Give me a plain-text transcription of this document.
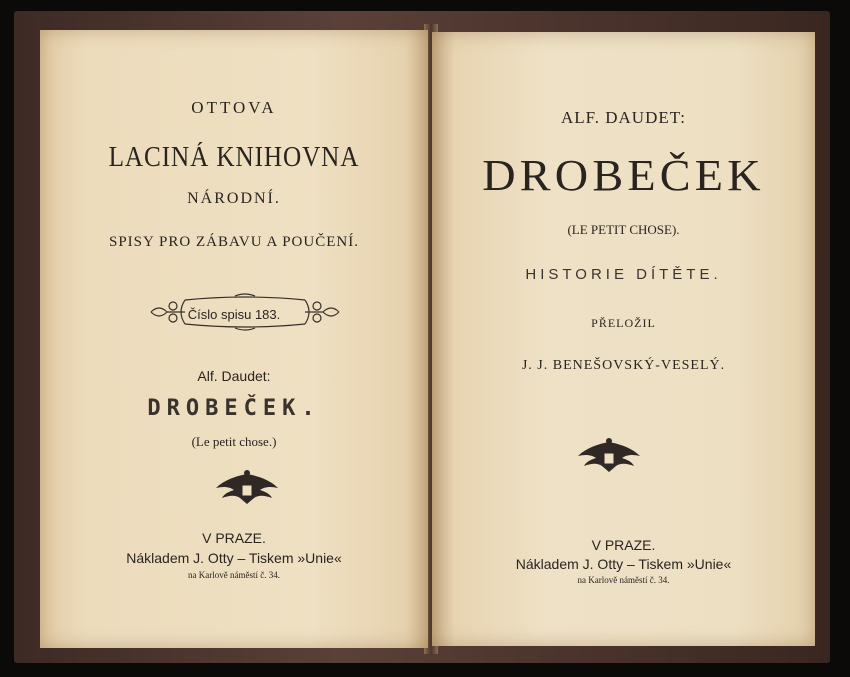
OTTOVA
LACINÁ KNIHOVNA
NÁRODNÍ.
SPISY PRO ZÁBAVU A POUČENÍ.
Číslo spisu 183.
Alf. Daudet:
DROBEČEK.
(Le petit chose.)
V PRAZE.
Nákladem J. Otty – Tiskem »Unie«
na Karlově náměstí č. 34.
ALF. DAUDET:
DROBEČEK
(LE PETIT CHOSE).
HISTORIE DÍTĚTE.
PŘELOŽIL
J. J. BENEŠOVSKÝ-VESELÝ.
V PRAZE.
Nákladem J. Otty – Tiskem »Unie«
na Karlově náměstí č. 34.
